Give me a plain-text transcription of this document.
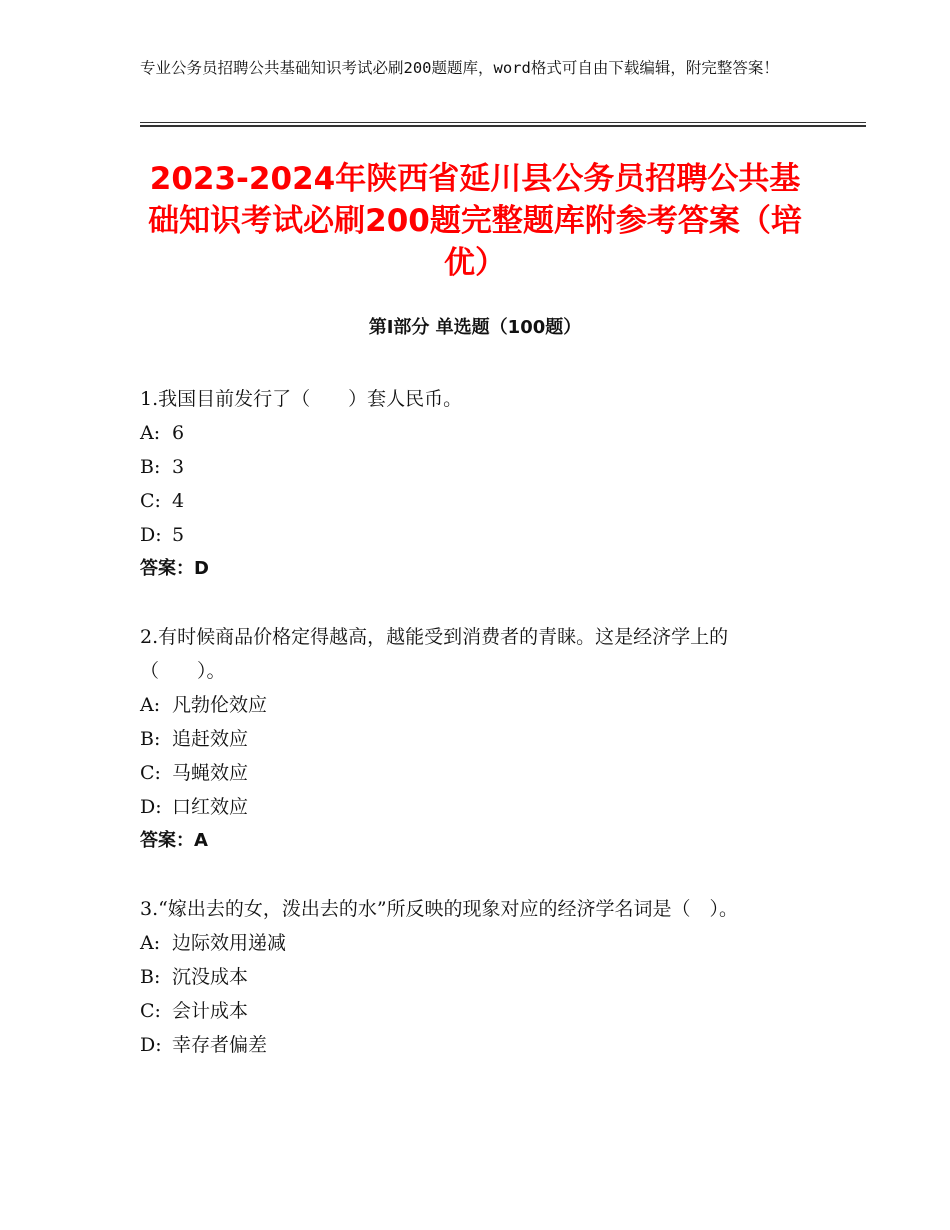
专业公务员招聘公共基础知识考试必刷200题题库，word格式可自由下载编辑，附完整答案！
2023-2024年陕西省延川县公务员招聘公共基础知识考试必刷200题完整题库附参考答案（培优）
第Ⅰ部分 单选题（100题）

1.我国目前发行了（　　）套人民币。

A: 6

B: 3

C: 4

D: 5

答案：D

2.有时候商品价格定得越高，越能受到消费者的青睐。这是经济学上的（　　）。

A: 凡勃伦效应

B: 追赶效应

C: 马蝇效应

D: 口红效应

答案：A

3.“嫁出去的女，泼出去的水”所反映的现象对应的经济学名词是（　）。

A: 边际效用递减

B: 沉没成本

C: 会计成本

D: 幸存者偏差
